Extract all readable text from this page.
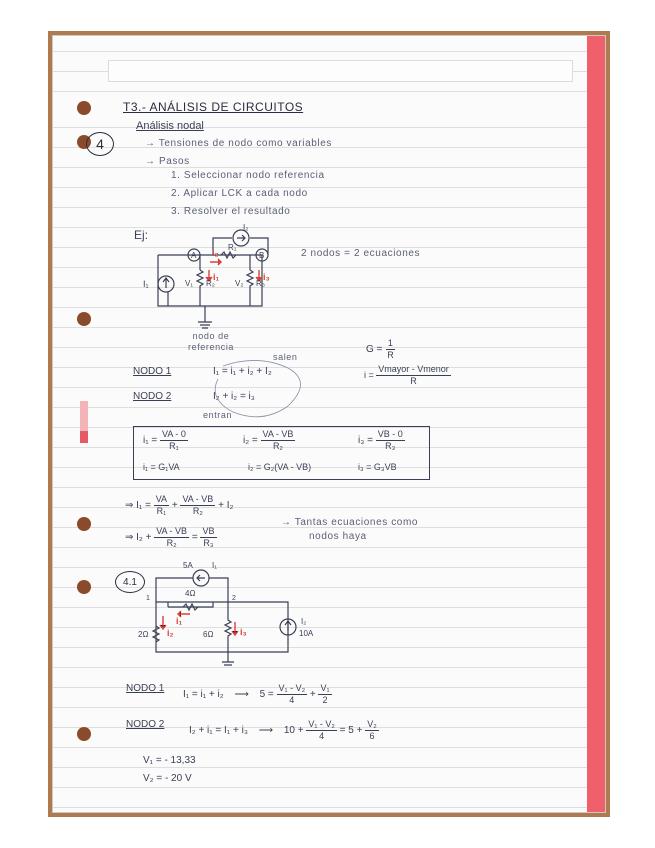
T3.- ANÁLISIS DE CIRCUITOS
4
Análisis nodal
→ Tensiones de nodo como variables
→ Pasos
1. Seleccionar nodo referencia
2. Aplicar LCK a cada nodo
3. Resolver el resultado
Ej:
A	B
i₂
i₁	i₃
R₁
R₂	R₃
I₁
I₂
V₁	V₂
2 nodos = 2 ecuaciones
nodo de
referencia	$G = \frac{1}{R}$
$i = \frac{\text{Vmayor - Vmenor}}{R}$
salen
NODO 1	I₁ = i₁ + i₂ + I₂
NODO 2	I₂ + i₂ = i₃
entran
$i_1 = \frac{VA - 0}{\text{R₁}}$	$i_2 = \frac{VA - VB}{\text{R₂}}$	$i_3 = \frac{VB - 0}{\text{R₃}}$
i₁ = G₁VA	i₂ = G₂(VA - VB)	i₃ = G₃VB
⇒ $I_1 = \frac{VA}{\text{R₁}} + \frac{VA - VB}{\text{R₂}} + I_2$
⇒ $I_2 + \frac{VA - VB}{\text{R₂}} = \frac{VB}{\text{R₃}}$
→ Tantas ecuaciones como
nodos haya
4.1
5A I₁
4Ω
2Ω	6Ω
1	2
i₁
i₂	i₃
I₂
10A
NODO 1
I₁ = i₁ + i₂ ⟶ $5 = \frac{\text{V₁ - V₂}}{4} + \frac{\text{V₁}}{2}$
NODO 2
I₂ + i₁ = I₁ + i₃ ⟶ $10 + \frac{\text{V₁ - V₂}}{4} = 5 + \frac{\text{V₂}}{6}$
V₁ = - 13,33
V₂ = - 20 V
